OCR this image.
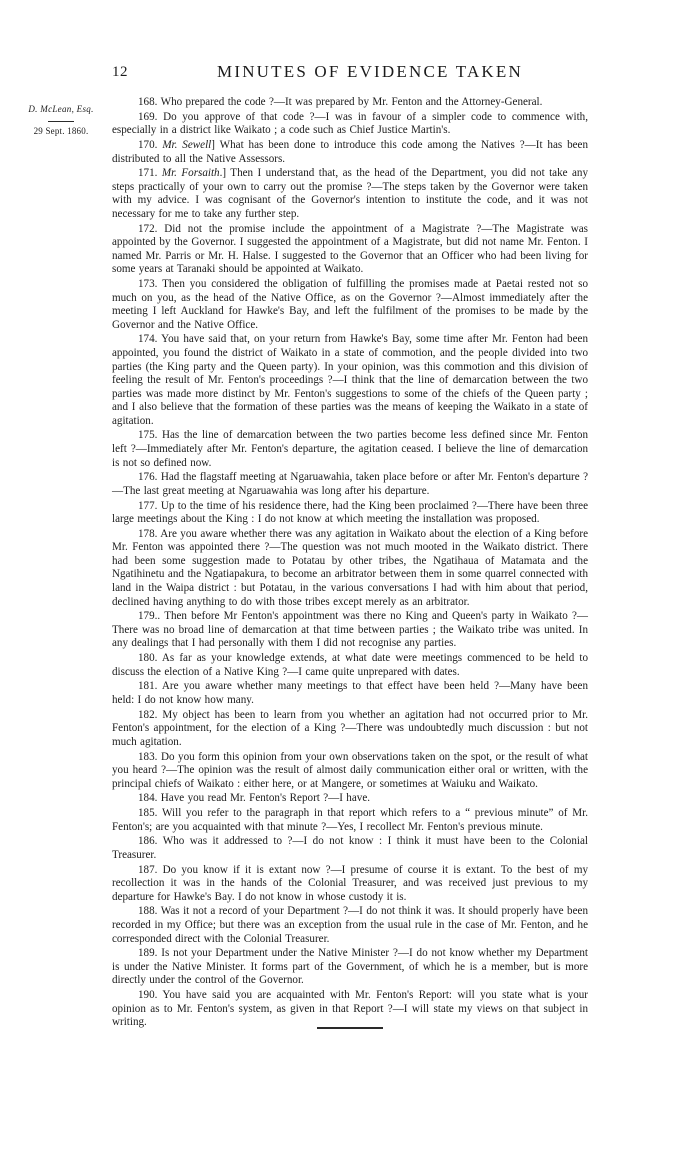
12	MINUTES OF EVIDENCE TAKEN
D. McLean, Esq.
29 Sept. 1860.

168. Who prepared the code ?—It was prepared by Mr. Fenton and the Attorney-General.

169. Do you approve of that code ?—I was in favour of a simpler code to commence with, especially in a district like Waikato ; a code such as Chief Justice Martin's.

170. Mr. Sewell] What has been done to introduce this code among the Natives ?—It has been distributed to all the Native Assessors.

171. Mr. Forsaith.] Then I understand that, as the head of the Department, you did not take any steps practically of your own to carry out the promise ?—The steps taken by the Governor were taken with my advice. I was cognisant of the Governor's intention to institute the code, and it was not necessary for me to take any further step.

172. Did not the promise include the appointment of a Magistrate ?—The Magistrate was appointed by the Governor. I suggested the appointment of a Magistrate, but did not name Mr. Fenton. I named Mr. Parris or Mr. H. Halse. I suggested to the Governor that an Officer who had been living for some years at Taranaki should be appointed at Waikato.

173. Then you considered the obligation of fulfilling the promises made at Paetai rested not so much on you, as the head of the Native Office, as on the Governor ?—Almost immediately after the meeting I left Auckland for Hawke's Bay, and left the fulfilment of the promises to be made by the Governor and the Native Office.

174. You have said that, on your return from Hawke's Bay, some time after Mr. Fenton had been appointed, you found the district of Waikato in a state of commotion, and the people divided into two parties (the King party and the Queen party). In your opinion, was this commotion and this division of feeling the result of Mr. Fenton's proceedings ?—I think that the line of demarcation between the two parties was made more distinct by Mr. Fenton's suggestions to some of the chiefs of the Queen party ; and I also believe that the formation of these parties was the means of keeping the Waikato in a state of agitation.

175. Has the line of demarcation between the two parties become less defined since Mr. Fenton left ?—Immediately after Mr. Fenton's departure, the agitation ceased. I believe the line of demarcation is not so defined now.

176. Had the flagstaff meeting at Ngaruawahia, taken place before or after Mr. Fenton's departure ?—The last great meeting at Ngaruawahia was long after his departure.

177. Up to the time of his residence there, had the King been proclaimed ?—There have been three large meetings about the King : I do not know at which meeting the installation was proposed.

178. Are you aware whether there was any agitation in Waikato about the election of a King before Mr. Fenton was appointed there ?—The question was not much mooted in the Waikato district. There had been some suggestion made to Potatau by other tribes, the Ngatihaua of Matamata and the Ngatihinetu and the Ngatiapakura, to become an arbitrator between them in some quarrel connected with land in the Waipa district : but Potatau, in the various conversations I had with him about that period, declined having anything to do with those tribes except merely as an arbitrator.

179.. Then before Mr Fenton's appointment was there no King and Queen's party in Waikato ?—There was no broad line of demarcation at that time between parties ; the Waikato tribe was united. In any dealings that I had personally with them I did not recognise any parties.

180. As far as your knowledge extends, at what date were meetings commenced to be held to discuss the election of a Native King ?—I came quite unprepared with dates.

181. Are you aware whether many meetings to that effect have been held ?—Many have been held: I do not know how many.

182. My object has been to learn from you whether an agitation had not occurred prior to Mr. Fenton's appointment, for the election of a King ?—There was undoubtedly much discussion : but not much agitation.

183. Do you form this opinion from your own observations taken on the spot, or the result of what you heard ?—The opinion was the result of almost daily communication either oral or written, with the principal chiefs of Waikato : either here, or at Mangere, or sometimes at Waiuku and Waikato.

184. Have you read Mr. Fenton's Report ?—I have.

185. Will you refer to the paragraph in that report which refers to a “ previous minute” of Mr. Fenton's; are you acquainted with that minute ?—Yes, I recollect Mr. Fenton's previous minute.

186. Who was it addressed to ?—I do not know : I think it must have been to the Colonial Treasurer.

187. Do you know if it is extant now ?—I presume of course it is extant. To the best of my recollection it was in the hands of the Colonial Treasurer, and was received just previous to my departure for Hawke's Bay. I do not know in whose custody it is.

188. Was it not a record of your Department ?—I do not think it was. It should properly have been recorded in my Office; but there was an exception from the usual rule in the case of Mr. Fenton, and he corresponded direct with the Colonial Treasurer.

189. Is not your Department under the Native Minister ?—I do not know whether my Department is under the Native Minister. It forms part of the Government, of which he is a member, but is more directly under the control of the Governor.

190. You have said you are acquainted with Mr. Fenton's Report: will you state what is your opinion as to Mr. Fenton's system, as given in that Report ?—I will state my views on that subject in writing.
